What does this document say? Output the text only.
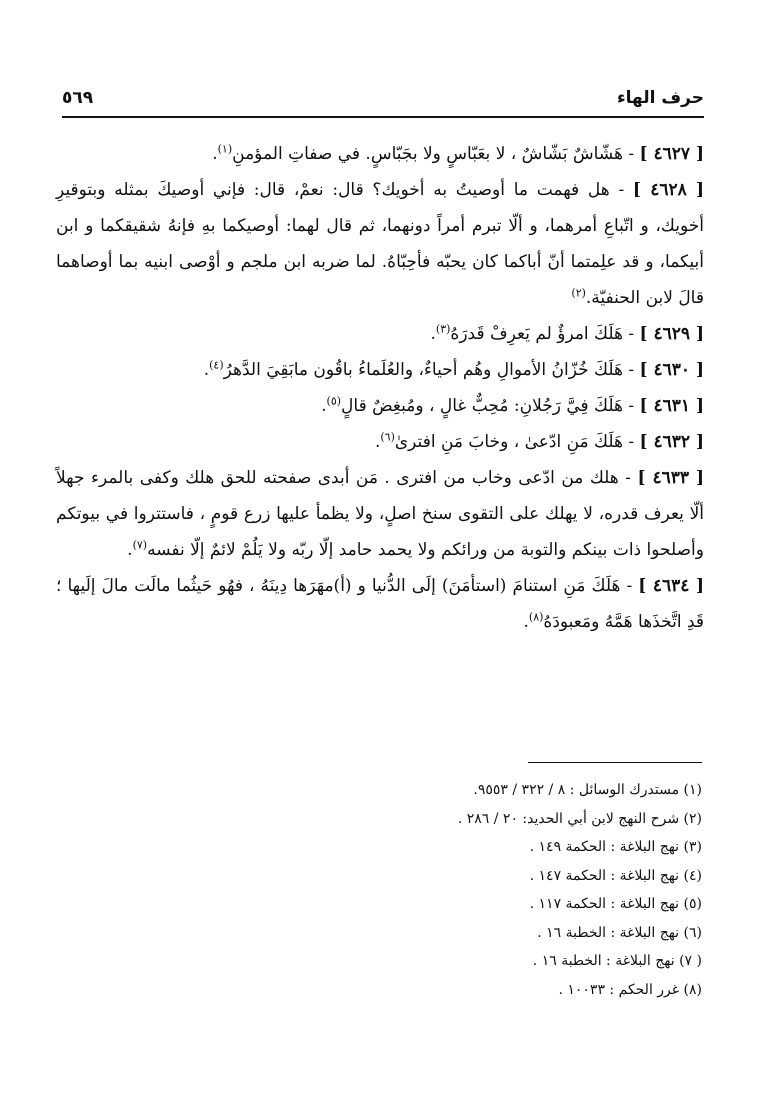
حرف الهاء
٥٦٩

[ ٤٦٢٧ ] - هَشّاشٌ بَشّاشٌ ، لا بعَبّاسٍ ولا بجَبّاسٍ. في صفاتِ المؤمنِ$^{(١)}$.

[ ٤٦٢٨ ] - هل فهمت ما أوصيتُ به أخويك؟ قال: نعمْ، قال: فإني أوصيكَ بمثله وبتوقيرِ أخويك، و اتّباعِ أمرهما، و ألّا تبرم أمراً دونهما، ثم قال لهما: أوصيكما بهِ فإنهُ شقيقكما و ابن أبيكما، و قد علِمتما أنّ أباكما كان يحبّه فأحِبّاهُ. لما ضربه ابن ملجم و أوْصى ابنيه بما أوصاهما قالَ لابن الحنفيّة.$^{(٢)}$

[ ٤٦٢٩ ] - هَلَكَ امرؤٌ لم يَعرِفْ قَدرَهُ$^{(٣)}$.

[ ٤٦٣٠ ] - هَلَكَ خُزّانُ الأموالِ وهُم أحياءٌ، والعُلَماءُ باقُون مابَقِيَ الدَّهرُ$^{(٤)}$.

[ ٤٦٣١ ] - هَلَكَ فِيَّ رَجُلانِ: مُحِبٌّ غالٍ ، ومُبغِضٌ قالٍ$^{(٥)}$.

[ ٤٦٣٢ ] - هَلَكَ مَنِ ادّعىٰ ، وخابَ مَنِ افترىٰ$^{(٦)}$.

[ ٤٦٣٣ ] - هلك من ادّعى وخاب من افترى . مَن أبدى صفحته للحق هلك وكفى بالمرء جهلاً ألّا يعرف قدره، لا يهلك على التقوى سنخ اصلٍ، ولا يظمأ عليها زرع قومٍ ، فاستتروا في بيوتكم وأصلحوا ذات بينكم والتوبة من ورائكم ولا يحمد حامد إلّا ربّه ولا يَلُمْ لائمٌ إلّا نفسه$^{(٧)}$.

[ ٤٦٣٤ ] - هَلَكَ مَنِ استنامَ (استأمَنَ) إلَى الدُّنيا و (أ)مهَرَها دِينَهُ ، فهُو حَيثُما مالَت مالَ إلَيها ؛ قَدِ اتَّخذَها هَمَّهُ ومَعبودَهُ$^{(٨)}$.

(١) مستدرك الوسائل : ٨ / ٣٢٢ / ٩٥٥٣.
(٢) شرح النهج لابن أبي الحديد: ٢٠ / ٢٨٦ .
(٣) نهج البلاغة : الحكمة ١٤٩ .
(٤) نهج البلاغة : الحكمة ١٤٧ .
(٥) نهج البلاغة : الحكمة ١١٧ .
(٦) نهج البلاغة : الخطبة ١٦ .
( ٧) نهج البلاغة : الخطبة ١٦ .
(٨) غرر الحكم : ١٠٠٣٣ .
